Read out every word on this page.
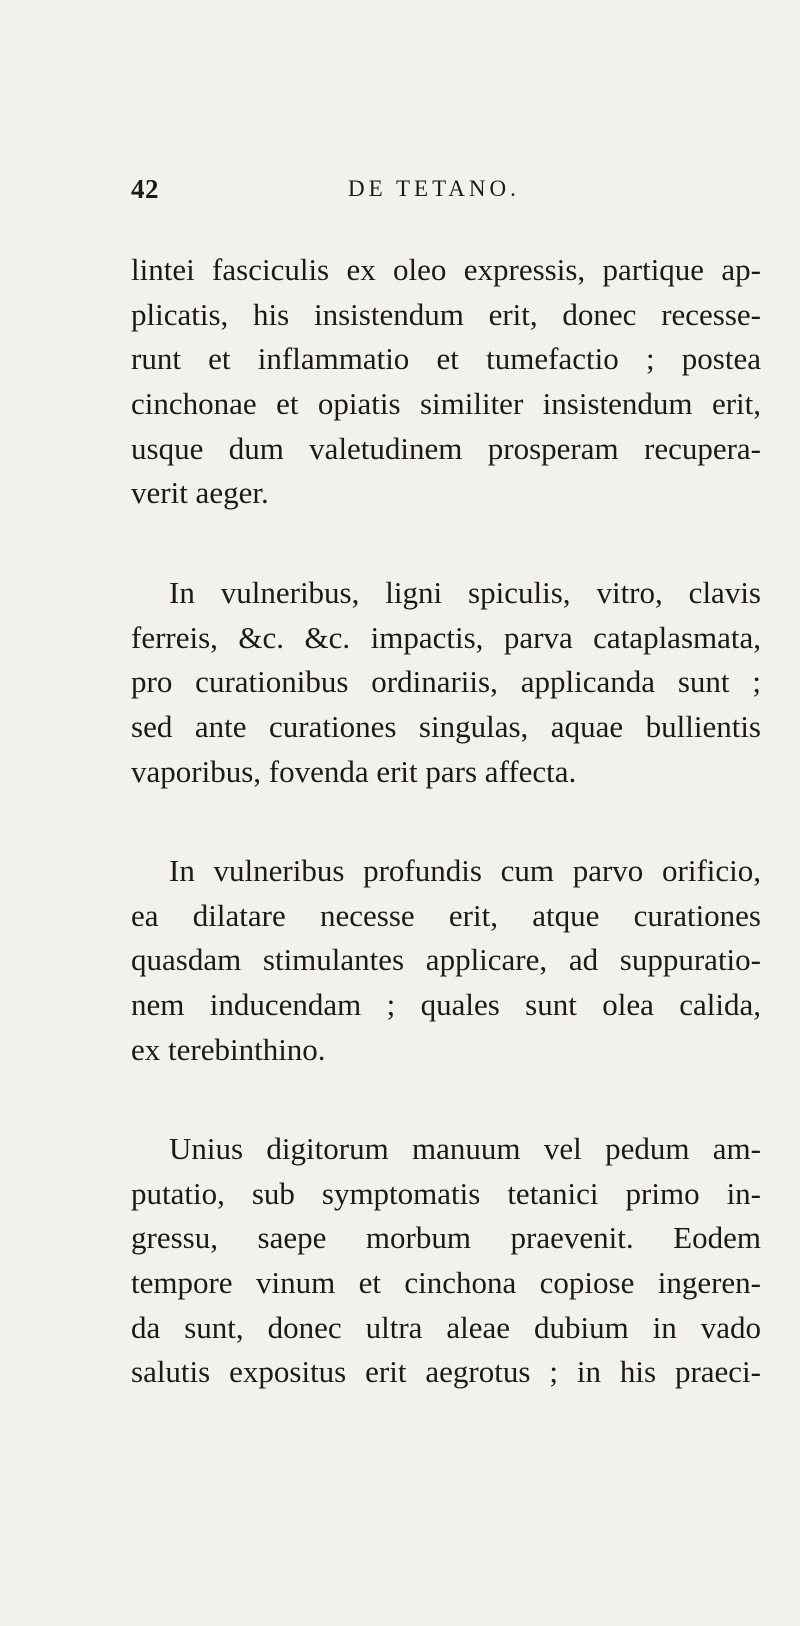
42	DE TETANO.
lintei fasciculis ex oleo expressis, partique ap-
plicatis, his insistendum erit, donec recesse-
runt et inflammatio et tumefactio ; postea
cinchonae et opiatis similiter insistendum erit,
usque dum valetudinem prosperam recupera-
verit aeger.
In vulneribus, ligni spiculis, vitro, clavis
ferreis, &c. &c. impactis, parva cataplasmata,
pro curationibus ordinariis, applicanda sunt ;
sed ante curationes singulas, aquae bullientis
vaporibus, fovenda erit pars affecta.
In vulneribus profundis cum parvo orificio,
ea dilatare necesse erit, atque curationes
quasdam stimulantes applicare, ad suppuratio-
nem inducendam ; quales sunt olea calida,
ex terebinthino.
Unius digitorum manuum vel pedum am-
putatio, sub symptomatis tetanici primo in-
gressu, saepe morbum praevenit. Eodem
tempore vinum et cinchona copiose ingeren-
da sunt, donec ultra aleae dubium in vado
salutis expositus erit aegrotus ; in his praeci-
